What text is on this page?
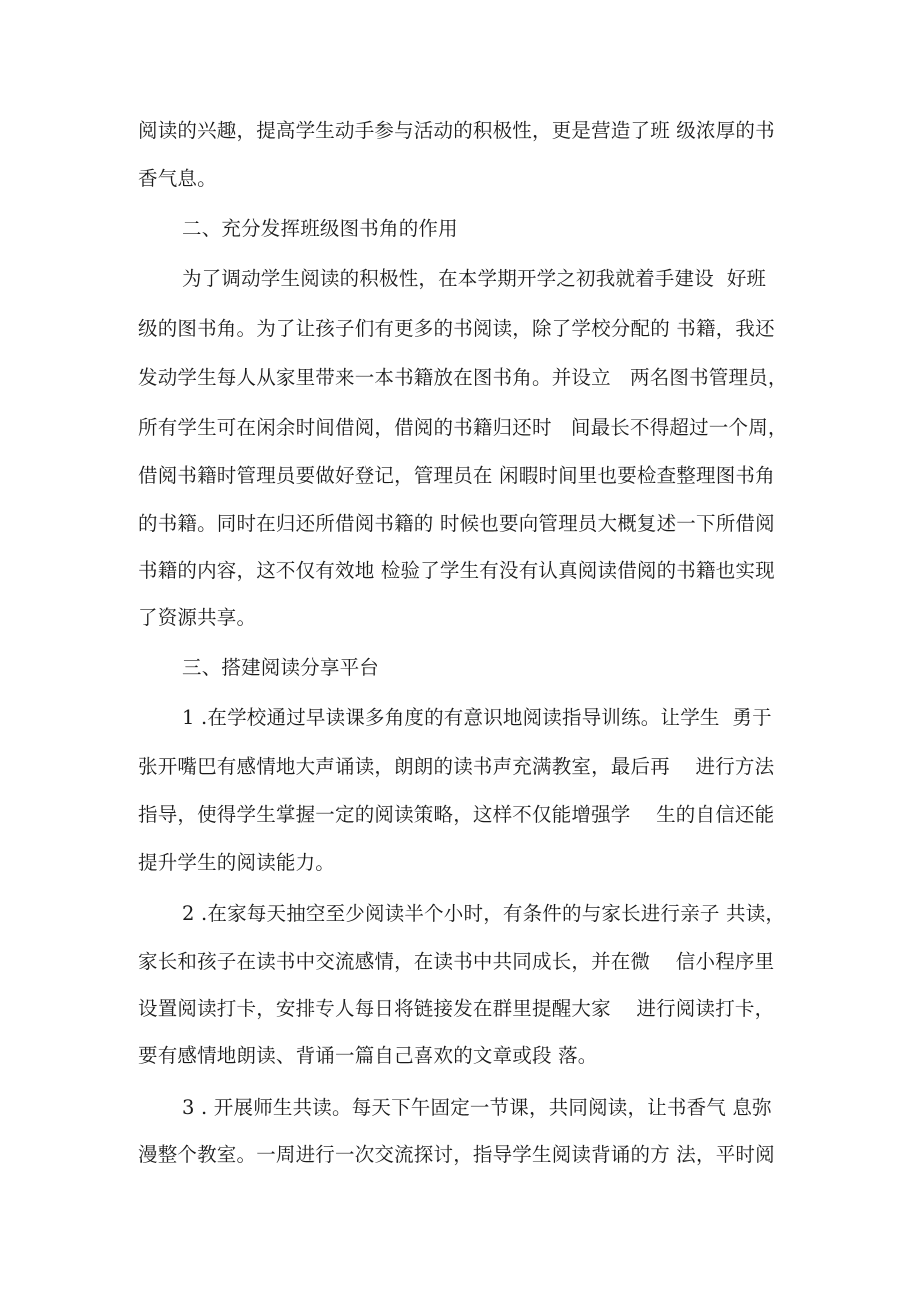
阅读的兴趣，提高学生动手参与活动的积极性，更是营造了班 级浓厚的书
香气息。
二、充分发挥班级图书角的作用
为了调动学生阅读的积极性，在本学期开学之初我就着手建设  好班
级的图书角。为了让孩子们有更多的书阅读，除了学校分配的 书籍，我还
发动学生每人从家里带来一本书籍放在图书角。并设立   两名图书管理员，
所有学生可在闲余时间借阅，借阅的书籍归还时   间最长不得超过一个周，
借阅书籍时管理员要做好登记，管理员在 闲暇时间里也要检查整理图书角
的书籍。同时在归还所借阅书籍的 时候也要向管理员大概复述一下所借阅
书籍的内容，这不仅有效地 检验了学生有没有认真阅读借阅的书籍也实现
了资源共享。
三、搭建阅读分享平台
1 .在学校通过早读课多角度的有意识地阅读指导训练。让学生  勇于
张开嘴巴有感情地大声诵读，朗朗的读书声充满教室，最后再    进行方法
指导，使得学生掌握一定的阅读策略，这样不仅能增强学    生的自信还能
提升学生的阅读能力。
2 .在家每天抽空至少阅读半个小时，有条件的与家长进行亲子 共读，
家长和孩子在读书中交流感情，在读书中共同成长，并在微    信小程序里
设置阅读打卡，安排专人每日将链接发在群里提醒大家    进行阅读打卡，
要有感情地朗读、背诵一篇自己喜欢的文章或段 落。
3 . 开展师生共读。每天下午固定一节课，共同阅读，让书香气 息弥
漫整个教室。一周进行一次交流探讨，指导学生阅读背诵的方 法，平时阅
